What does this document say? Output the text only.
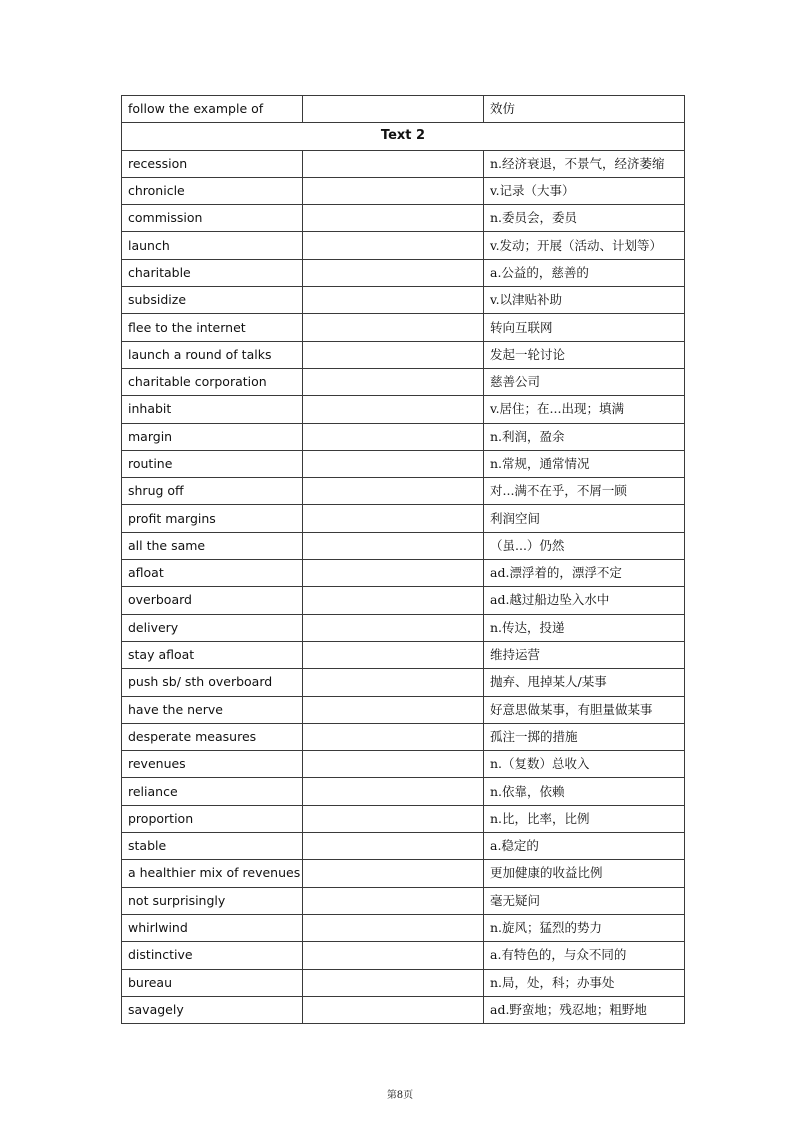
follow the example of		效仿
Text 2		
recession		n.经济衰退，不景气，经济萎缩
chronicle		v.记录（大事）
commission		n.委员会，委员
launch		v.发动；开展（活动、计划等）
charitable		a.公益的，慈善的
subsidize		v.以津贴补助
flee to the internet		转向互联网
launch a round of talks		发起一轮讨论
charitable corporation		慈善公司
inhabit		v.居住；在...出现；填满
margin		n.利润，盈余
routine		n.常规，通常情况
shrug off		对...满不在乎，不屑一顾
profit margins		利润空间
all the same		（虽...）仍然
afloat		ad.漂浮着的，漂浮不定
overboard		ad.越过船边坠入水中
delivery		n.传达，投递
stay afloat		维持运营
push sb/ sth overboard		抛弃、甩掉某人/某事
have the nerve		好意思做某事，有胆量做某事
desperate measures		孤注一掷的措施
revenues		n.（复数）总收入
reliance		n.依靠，依赖
proportion		n.比，比率，比例
stable		a.稳定的
a healthier mix of revenues		更加健康的收益比例
not surprisingly		毫无疑问
whirlwind		n.旋风；猛烈的势力
distinctive		a.有特色的，与众不同的
bureau		n.局，处，科；办事处
savagely		ad.野蛮地；残忍地；粗野地
第8页
